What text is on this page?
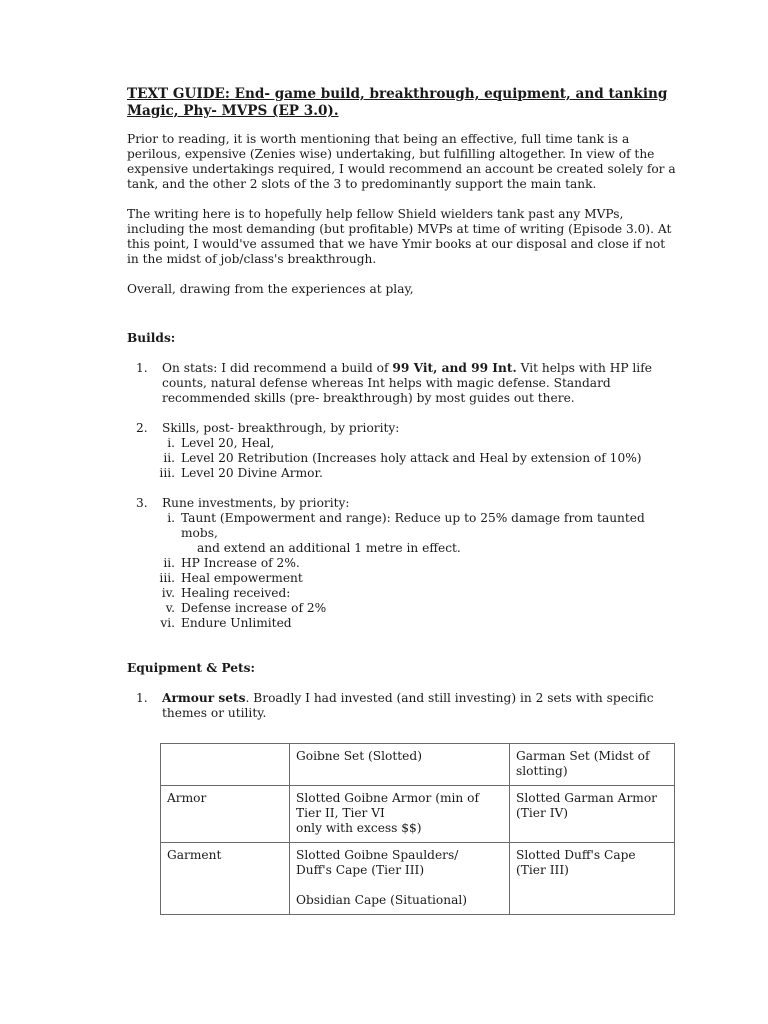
TEXT GUIDE: End- game build, breakthrough, equipment, and tanking
Magic, Phy- MVPS (EP 3.0).

Prior to reading, it is worth mentioning that being an effective, full time tank is a perilous, expensive (Zenies wise) undertaking, but fulfilling altogether. In view of the expensive undertakings required, I would recommend an account be created solely for a tank, and the other 2 slots of the 3 to predominantly support the main tank.

The writing here is to hopefully help fellow Shield wielders tank past any MVPs, including the most demanding (but profitable) MVPs at time of writing (Episode 3.0). At this point, I would've assumed that we have Ymir books at our disposal and close if not in the midst of job/class's breakthrough.

Overall, drawing from the experiences at play,

Builds:
1. On stats: I did recommend a build of 99 Vit, and 99 Int. Vit helps with HP life counts, natural defense whereas Int helps with magic defense. Standard recommended skills (pre- breakthrough) by most guides out there.
2. Skills, post- breakthrough, by priority:
i. Level 20, Heal,
ii. Level 20 Retribution (Increases holy attack and Heal by extension of 10%)
iii. Level 20 Divine Armor.
3. Rune investments, by priority:
i. Taunt (Empowerment and range): Reduce up to 25% damage from taunted mobs,
and extend an additional 1 metre in effect.
ii. HP Increase of 2%.
iii. Heal empowerment
iv. Healing received:
v. Defense increase of 2%
vi. Endure Unlimited
Equipment & Pets:
1. Armour sets. Broadly I had invested (and still investing) in 2 sets with specific themes or utility.
	Goibne Set (Slotted)	Garman Set (Midst of slotting)
Armor	Slotted Goibne Armor (min of Tier II, Tier VI
only with excess $$)	Slotted Garman Armor (Tier IV)
Garment	Slotted Goibne Spaulders/
Duff's Cape (Tier III)
Obsidian Cape (Situational)	Slotted Duff's Cape (Tier III)
